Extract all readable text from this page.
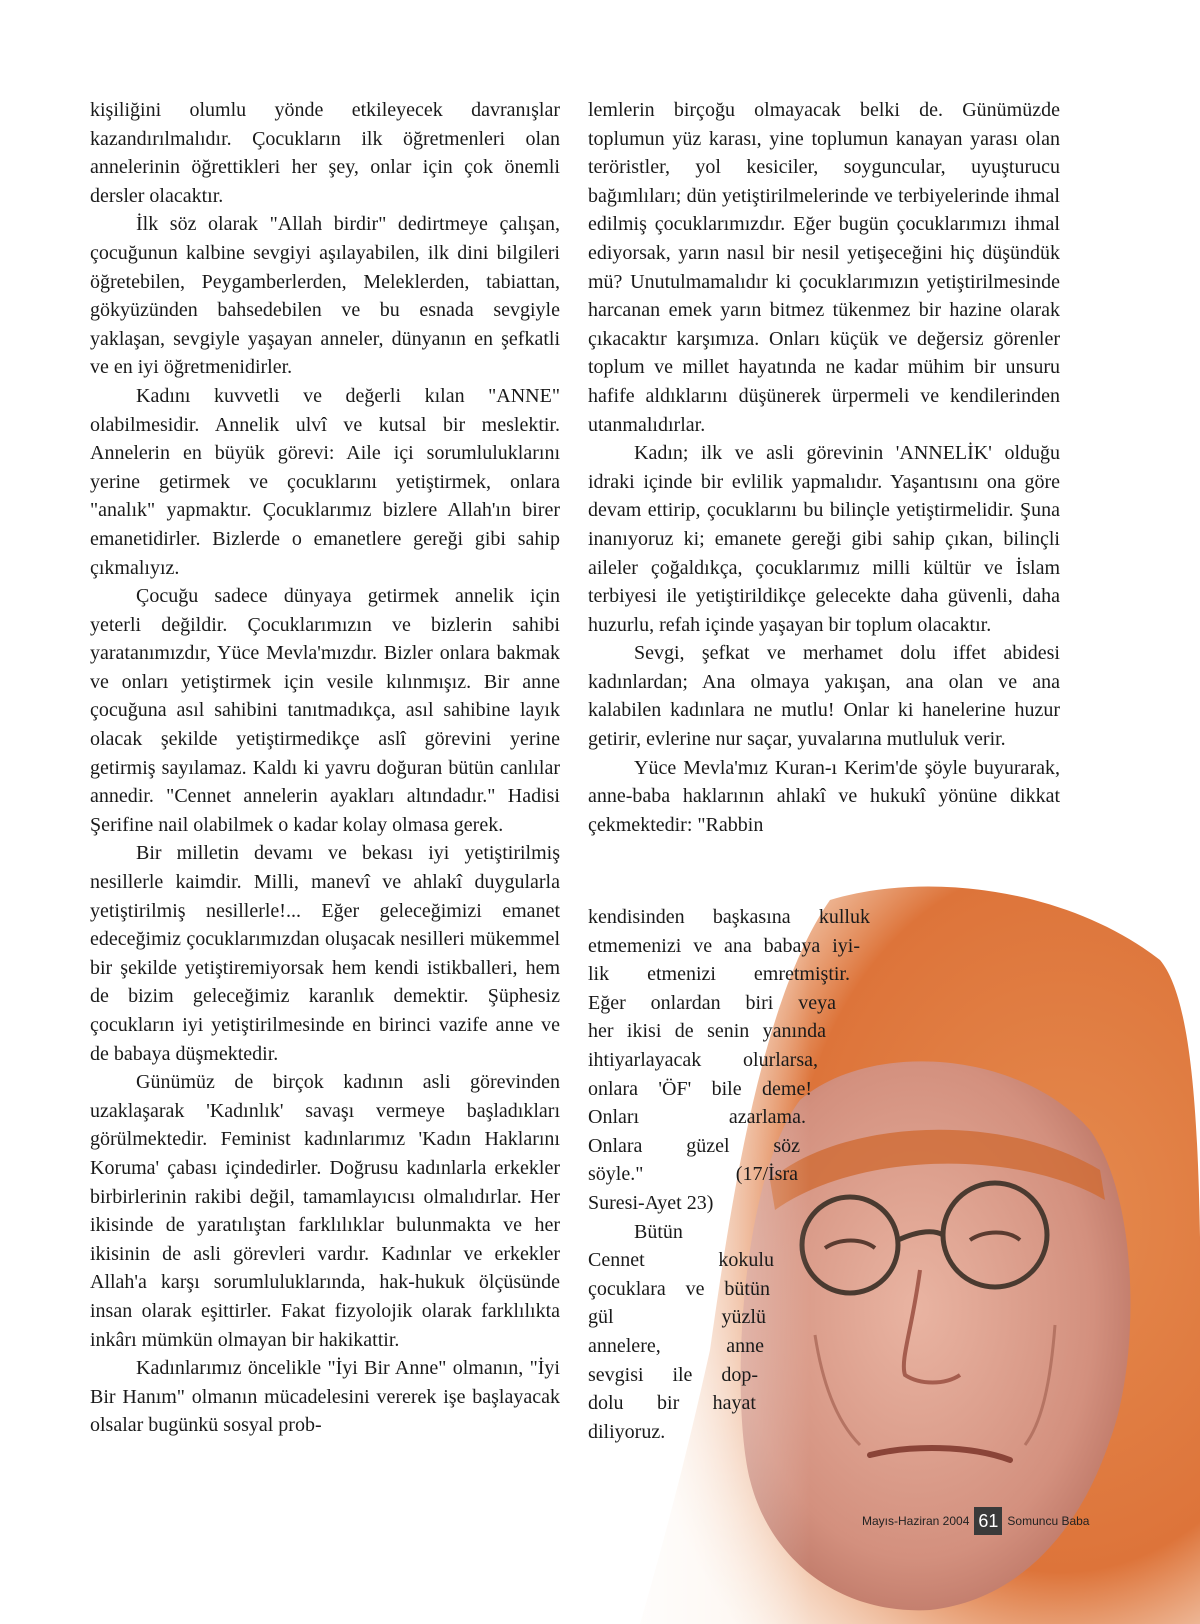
kişiliğini olumlu yönde etkileyecek davranışlar kazandırılmalıdır. Çocukların ilk öğretmenleri olan annelerinin öğrettikleri her şey, onlar için çok önemli dersler olacaktır.

İlk söz olarak "Allah birdir" dedirtmeye çalışan, çocuğunun kalbine sevgiyi aşılayabilen, ilk dini bilgileri öğretebilen, Peygamberlerden, Meleklerden, tabiattan, gökyüzünden bahsedebilen ve bu esnada sevgiyle yaklaşan, sevgiyle yaşayan anneler, dünyanın en şefkatli ve en iyi öğretmenidirler.

Kadını kuvvetli ve değerli kılan "ANNE" olabilmesidir. Annelik ulvî ve kutsal bir meslektir. Annelerin en büyük görevi: Aile içi sorumluluklarını yerine getirmek ve çocuklarını yetiştirmek, onlara "analık" yapmaktır. Çocuklarımız bizlere Allah'ın birer emanetidirler. Bizlerde o emanetlere gereği gibi sahip çıkmalıyız.

Çocuğu sadece dünyaya getirmek annelik için yeterli değildir. Çocuklarımızın ve bizlerin sahibi yaratanımızdır, Yüce Mevla'mızdır. Bizler onlara bakmak ve onları yetiştirmek için vesile kılınmışız. Bir anne çocuğuna asıl sahibini tanıtmadıkça, asıl sahibine layık olacak şekilde yetiştirmedikçe aslî görevini yerine getirmiş sayılamaz. Kaldı ki yavru doğuran bütün canlılar annedir. "Cennet annelerin ayakları altındadır." Hadisi Şerifine nail olabilmek o kadar kolay olmasa gerek.

Bir milletin devamı ve bekası iyi yetiştirilmiş nesillerle kaimdir. Milli, manevî ve ahlakî duygularla yetiştirilmiş nesillerle!... Eğer geleceğimizi emanet edeceğimiz çocuklarımızdan oluşacak nesilleri mükemmel bir şekilde yetiştiremiyorsak hem kendi istikballeri, hem de bizim geleceğimiz karanlık demektir. Şüphesiz çocukların iyi yetiştirilmesinde en birinci vazife anne ve de babaya düşmektedir.

Günümüz de birçok kadının asli görevinden uzaklaşarak 'Kadınlık' savaşı vermeye başladıkları görülmektedir. Feminist kadınlarımız 'Kadın Haklarını Koruma' çabası içindedirler. Doğrusu kadınlarla erkekler birbirlerinin rakibi değil, tamamlayıcısı olmalıdırlar. Her ikisinde de yaratılıştan farklılıklar bulunmakta ve her ikisinin de asli görevleri vardır. Kadınlar ve erkekler Allah'a karşı sorumluluklarında, hak-hukuk ölçüsünde insan olarak eşittirler. Fakat fizyolojik olarak farklılıkta inkârı mümkün olmayan bir hakikattir.

Kadınlarımız öncelikle "İyi Bir Anne" olmanın, "İyi Bir Hanım" olmanın mücadelesini vererek işe başlayacak olsalar bugünkü sosyal prob-

lemlerin birçoğu olmayacak belki de. Günümüzde toplumun yüz karası, yine toplumun kanayan yarası olan teröristler, yol kesiciler, soyguncular, uyuşturucu bağımlıları; dün yetiştirilmelerinde ve terbiyelerinde ihmal edilmiş çocuklarımızdır. Eğer bugün çocuklarımızı ihmal ediyorsak, yarın nasıl bir nesil yetişeceğini hiç düşündük mü? Unutulmamalıdır ki çocuklarımızın yetiştirilmesinde harcanan emek yarın bitmez tükenmez bir hazine olarak çıkacaktır karşımıza. Onları küçük ve değersiz görenler toplum ve millet hayatında ne kadar mühim bir unsuru hafife aldıklarını düşünerek ürpermeli ve kendilerinden utanmalıdırlar.

Kadın; ilk ve asli görevinin 'ANNELİK' olduğu idraki içinde bir evlilik yapmalıdır. Yaşantısını ona göre devam ettirip, çocuklarını bu bilinçle yetiştirmelidir. Şuna inanıyoruz ki; emanete gereği gibi sahip çıkan, bilinçli aileler çoğaldıkça, çocuklarımız milli kültür ve İslam terbiyesi ile yetiştirildikçe gelecekte daha güvenli, daha huzurlu, refah içinde yaşayan bir toplum olacaktır.

Sevgi, şefkat ve merhamet dolu iffet abidesi kadınlardan; Ana olmaya yakışan, ana olan ve ana kalabilen kadınlara ne mutlu! Onlar ki hanelerine huzur getirir, evlerine nur saçar, yuvalarına mutluluk verir.

Yüce Mevla'mız Kuran-ı Kerim'de şöyle buyurarak, anne-baba haklarının ahlakî ve hukukî yönüne dikkat çekmektedir: "Rabbin

kendisinden başkasına kulluk
etmemenizi ve ana babaya iyi-
lik etmenizi emretmiştir.
Eğer onlardan biri veya
her ikisi de senin yanında
ihtiyarlayacak olurlarsa,
onlara 'ÖF' bile deme!
Onları azarlama.
Onlara güzel söz
söyle." (17/İsra
Suresi-Ayet 23)
Bütün
Cennet kokulu
çocuklara ve bütün
gül yüzlü
annelere, anne
sevgisi ile dop-
dolu bir hayat
diliyoruz.
Mayıs-Haziran 2004 61 Somuncu Baba
